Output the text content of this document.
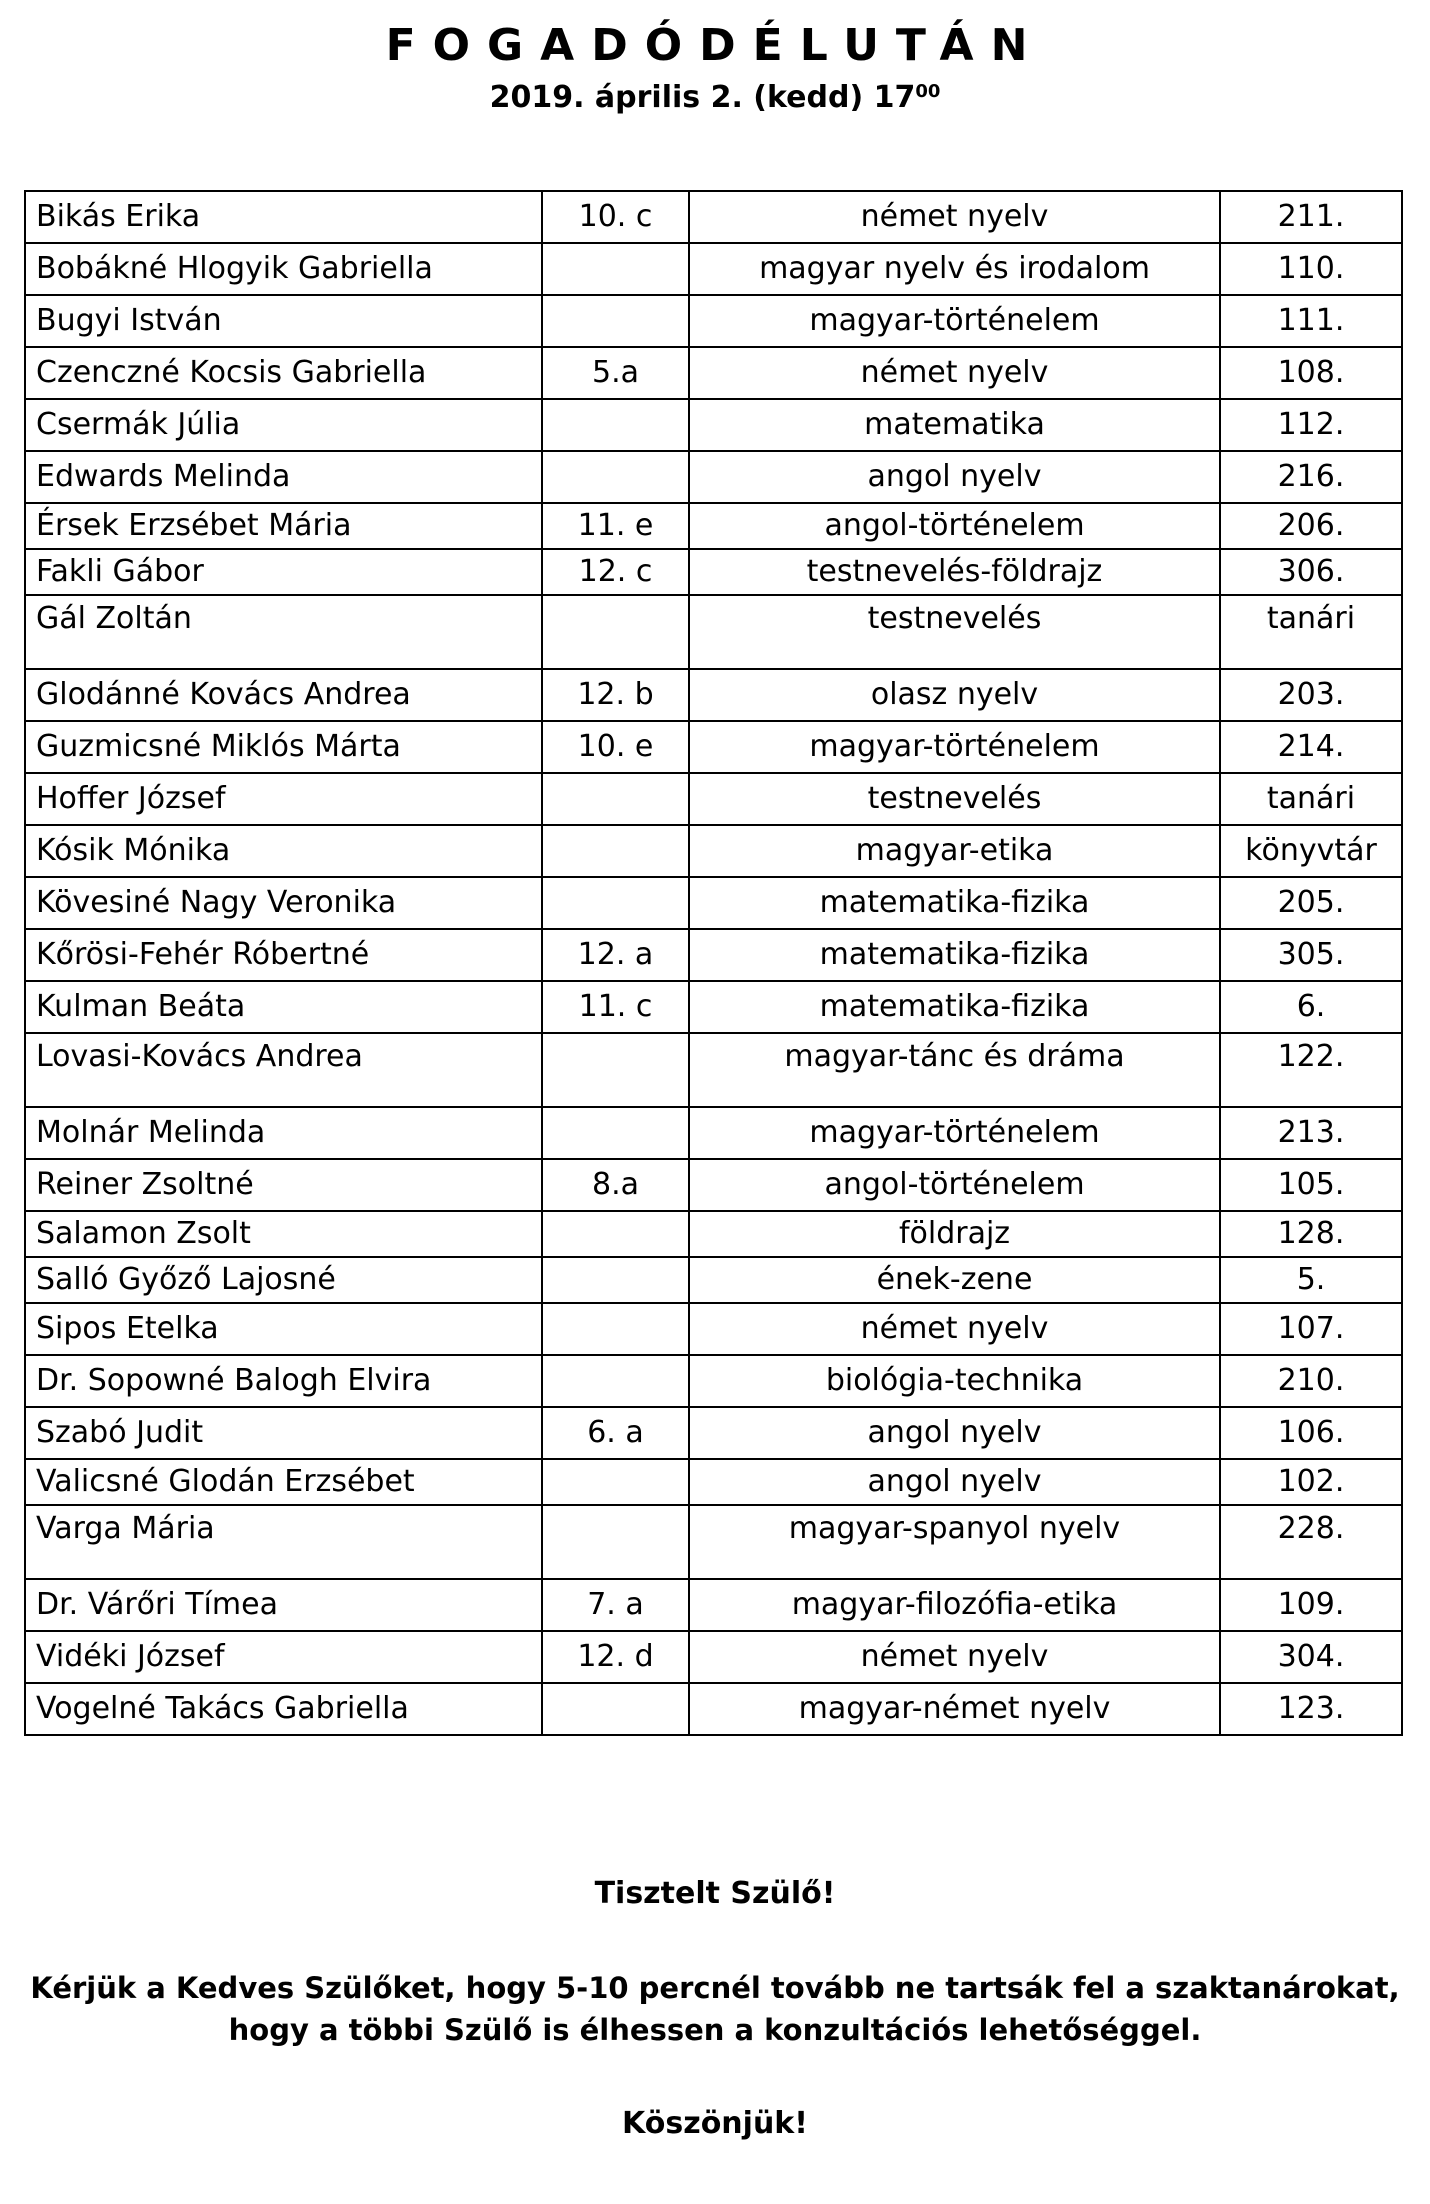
FOGADÓDÉLUTÁN
2019. április 2. (kedd) $17^{00}$
Bikás Erika	10. c	német nyelv	211.
Bobákné Hlogyik Gabriella		magyar nyelv és irodalom	110.
Bugyi István		magyar-történelem	111.
Czenczné Kocsis Gabriella	5.a	német nyelv	108.
Csermák Júlia		matematika	112.
Edwards Melinda		angol nyelv	216.
Érsek Erzsébet Mária	11. e	angol-történelem	206.
Fakli Gábor	12. c	testnevelés-földrajz	306.
Gál Zoltán		testnevelés	tanári
Glodánné Kovács Andrea	12. b	olasz nyelv	203.
Guzmicsné Miklós Márta	10. e	magyar-történelem	214.
Hoffer József		testnevelés	tanári
Kósik Mónika		magyar-etika	könyvtár
Kövesiné Nagy Veronika		matematika-fizika	205.
Kőrösi-Fehér Róbertné	12. a	matematika-fizika	305.
Kulman Beáta	11. c	matematika-fizika	6.
Lovasi-Kovács Andrea		magyar-tánc és dráma	122.
Molnár Melinda		magyar-történelem	213.
Reiner Zsoltné	8.a	angol-történelem	105.
Salamon Zsolt		földrajz	128.
Salló Győző Lajosné		ének-zene	5.
Sipos Etelka		német nyelv	107.
Dr. Sopowné Balogh Elvira		biológia-technika	210.
Szabó Judit	6. a	angol nyelv	106.
Valicsné Glodán Erzsébet		angol nyelv	102.
Varga Mária		magyar-spanyol nyelv	228.
Dr. Várőri Tímea	7. a	magyar-filozófia-etika	109.
Vidéki József	12. d	német nyelv	304.
Vogelné Takács Gabriella		magyar-német nyelv	123.
Tisztelt Szülő!
Kérjük a Kedves Szülőket, hogy 5-10 percnél tovább ne tartsák fel a szaktanárokat, hogy a többi Szülő is élhessen a konzultációs lehetőséggel.
Köszönjük!
